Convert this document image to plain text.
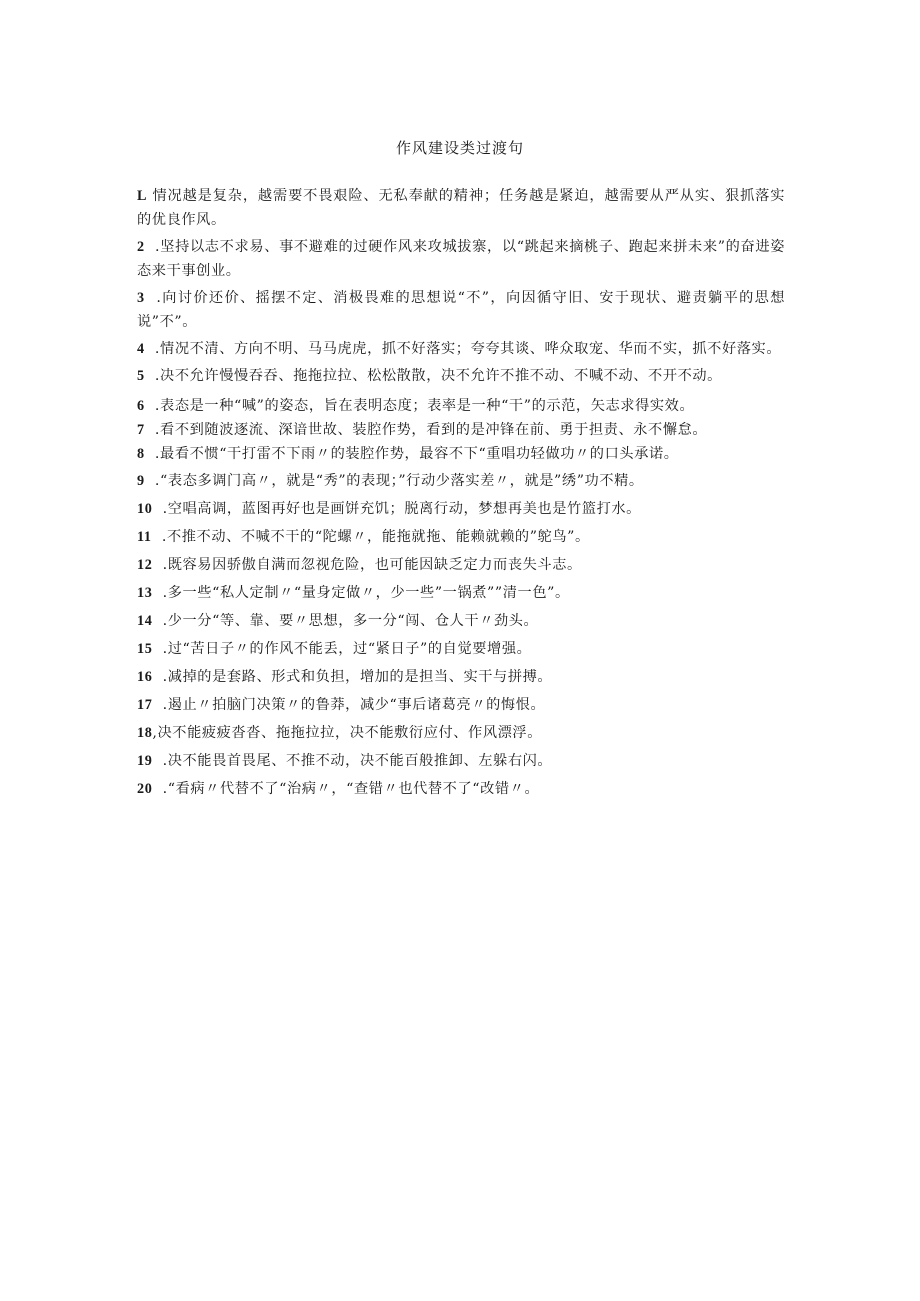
作风建设类过渡句

L 情况越是复杂，越需要不畏艰险、无私奉献的精神；任务越是紧迫，越需要从严从实、狠抓落实的优良作风。

2  .坚持以志不求易、事不避难的过硬作风来攻城拔寨，以“跳起来摘桃子、跑起来拼未来”的奋进姿态来干事创业。

3  .向讨价还价、摇摆不定、消极畏难的思想说“不”，向因循守旧、安于现状、避责躺平的思想说”不”。

4  .情况不清、方向不明、马马虎虎，抓不好落实；夸夸其谈、哗众取宠、华而不实，抓不好落实。

5  .决不允许慢慢吞吞、拖拖拉拉、松松散散，决不允许不推不动、不喊不动、不开不动。

6  .表态是一种“喊”的姿态，旨在表明态度；表率是一种“干”的示范，矢志求得实效。

7  .看不到随波逐流、深谙世故、装腔作势，看到的是冲锋在前、勇于担责、永不懈怠。

8  .最看不惯“干打雷不下雨〃的装腔作势，最容不下“重唱功轻做功〃的口头承诺。

9  .“表态多调门高〃，就是“秀”的表现；”行动少落实差〃，就是”绣”功不精。

10  .空唱高调，蓝图再好也是画饼充饥；脱离行动，梦想再美也是竹篮打水。

11  .不推不动、不喊不干的“陀螺〃，能拖就拖、能赖就赖的”鸵鸟”。

12  .既容易因骄傲自满而忽视危险，也可能因缺乏定力而丧失斗志。

13  .多一些“私人定制〃“量身定做〃，少一些”一锅煮””清一色”。

14  .少一分“等、靠、要〃思想，多一分“闯、仓人干〃劲头。

15  .过“苦日子〃的作风不能丢，过“紧日子”的自觉要增强。

16  .减掉的是套路、形式和负担，增加的是担当、实干与拼搏。

17  .遏止〃拍脑门决策〃的鲁莽，减少“事后诸葛亮〃的悔恨。

18,决不能疲疲沓沓、拖拖拉拉，决不能敷衍应付、作风漂浮。

19  .决不能畏首畏尾、不推不动，决不能百般推卸、左躲右闪。

20  .“看病〃代替不了“治病〃，“查错〃也代替不了“改错〃。
